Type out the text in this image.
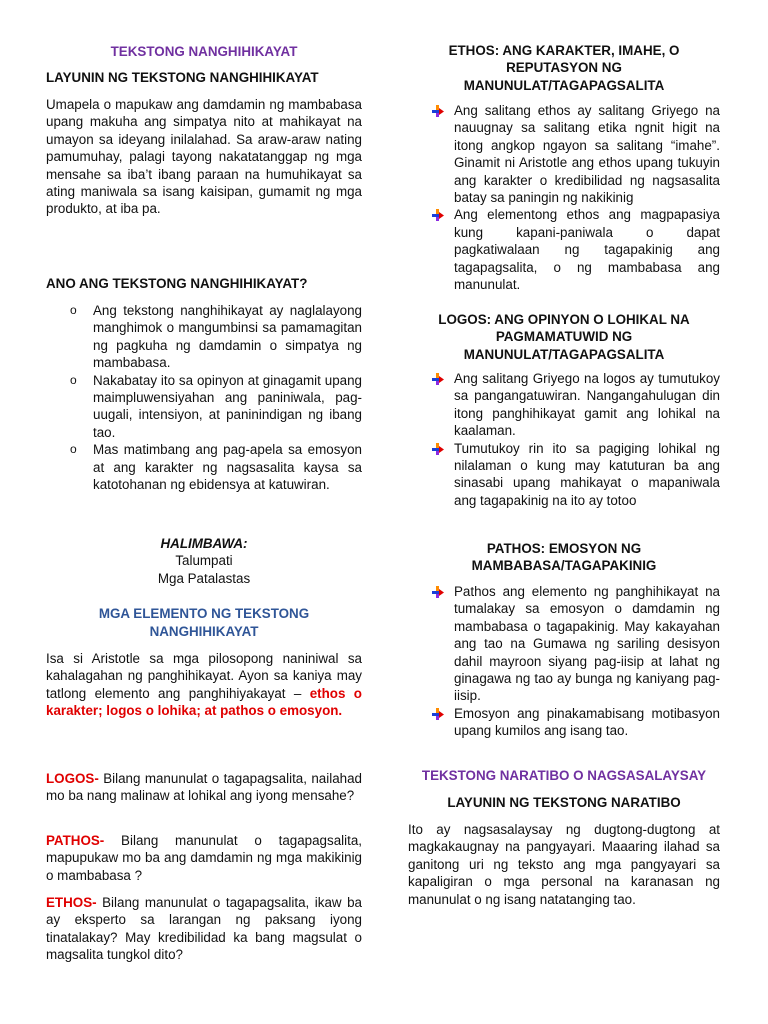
TEKSTONG NANGHIHIKAYAT

LAYUNIN NG TEKSTONG NANGHIHIKAYAT

Umapela o mapukaw ang damdamin ng mambabasa upang makuha ang simpatya nito at mahikayat na umayon sa ideyang inilalahad. Sa araw-araw nating pamumuhay, palagi tayong nakatatanggap ng mga mensahe sa iba’t ibang paraan na humuhikayat sa ating maniwala sa isang kaisipan, gumamit ng mga produkto, at iba pa.

ANO ANG TEKSTONG NANGHIHIKAYAT?

o Ang tekstong nanghihikayat ay naglalayong manghimok o mangumbinsi sa pamamagitan ng pagkuha ng damdamin o simpatya ng mambabasa.
o Nakabatay ito sa opinyon at ginagamit upang maimpluwensiyahan ang paniniwala, pag-uugali, intensiyon, at paninindigan ng ibang tao.
o Mas matimbang ang pag-apela sa emosyon at ang karakter ng nagsasalita kaysa sa katotohanan ng ebidensya at katuwiran.

HALIMBAWA:

Talumpati

Mga Patalastas

MGA ELEMENTO NG TEKSTONG NANGHIHIKAYAT

Isa si Aristotle sa mga pilosopong naniniwal sa kahalagahan ng panghihikayat. Ayon sa kaniya may tatlong elemento ang panghihiyakayat – ethos o karakter; logos o lohika; at pathos o emosyon.

LOGOS- Bilang manunulat o tagapagsalita, nailahad mo ba nang malinaw at lohikal ang iyong mensahe?

PATHOS- Bilang manunulat o tagapagsalita, mapupukaw mo ba ang damdamin ng mga makikinig o mambabasa ?

ETHOS- Bilang manunulat o tagapagsalita, ikaw ba ay eksperto sa larangan ng paksang iyong tinatalakay? May kredibilidad ka bang magsulat o magsalita tungkol dito?

ETHOS: ANG KARAKTER, IMAHE, O REPUTASYON NG MANUNULAT/TAGAPAGSALITA

Ang salitang ethos ay salitang Griyego na nauugnay sa salitang etika ngnit higit na itong angkop ngayon sa salitang “imahe”. Ginamit ni Aristotle ang ethos upang tukuyin ang karakter o kredibilidad ng nagsasalita batay sa paningin ng nakikinig
Ang elementong ethos ang magpapasiya kung kapani-paniwala o dapat pagkatiwalaan ng tagapakinig ang tagapagsalita, o ng mambabasa ang manunulat.

LOGOS: ANG OPINYON O LOHIKAL NA PAGMAMATUWID NG MANUNULAT/TAGAPAGSALITA

Ang salitang Griyego na logos ay tumutukoy sa pangangatuwiran. Nangangahulugan din itong panghihikayat gamit ang lohikal na kaalaman.
Tumutukoy rin ito sa pagiging lohikal ng nilalaman o kung may katuturan ba ang sinasabi upang mahikayat o mapaniwala ang tagapakinig na ito ay totoo

PATHOS: EMOSYON NG MAMBABASA/TAGAPAKINIG

Pathos ang elemento ng panghihikayat na tumalakay sa emosyon o damdamin ng mambabasa o tagapakinig. May kakayahan ang tao na Gumawa ng sariling desisyon dahil mayroon siyang pag-iisip at lahat ng ginagawa ng tao ay bunga ng kaniyang pag-iisip.
Emosyon ang pinakamabisang motibasyon upang kumilos ang isang tao.

TEKSTONG NARATIBO O NAGSASALAYSAY

LAYUNIN NG TEKSTONG NARATIBO

Ito ay nagsasalaysay ng dugtong-dugtong at magkakaugnay na pangyayari. Maaaring ilahad sa ganitong uri ng teksto ang mga pangyayari sa kapaligiran o mga personal na karanasan ng manunulat o ng isang natatanging tao.
